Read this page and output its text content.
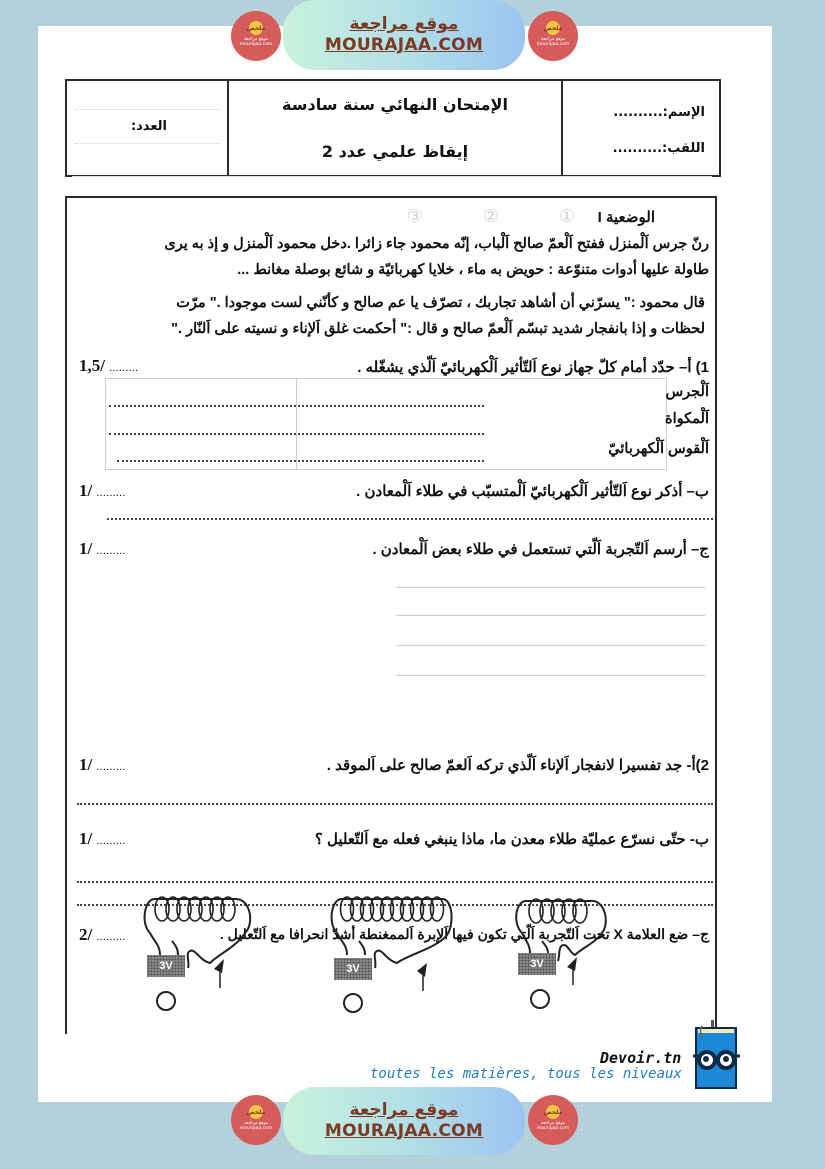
ملخص
موقع مراجعة
mourajaa.com
موقع مراجعة
MOURAJAA.COM
ملخص
موقع مراجعة
mourajaa.com
العدد:
الإمتحان النهائي سنة سادسة
إيقاظ علمي عدد 2
الإسم:..........
اللقب:..........
①            ②            ③ الوضعية I
رنّ جرس اَلْمنزل ففتح اَلْعمّ صالح اَلْباب، إنّه محمود جاء زائرا .دخل محمود اَلْمنزل و إذ به يرى
طاولة عليها أدوات متنوّعة : حويض به ماء ، خلايا كهربائيّة و شائع بوصلة مغانط ...
قال محمود :" يسرّني أن أشاهد تجاربك ، تصرّف يا عم صالح و كأنّني لست موجودا ." مرّت
لحظات و إذا بانفجار شديد تبسّم اَلْعمّ صالح و قال :" أحكمت غلق اَلإناء و نسيته على اَلنّار ."
1) أ– حدّد أمام كلّ جهاز نوع اَلتّأثير اَلْكهربائيّ اَلّذي يشغّله .
1,5/ .........
اَلْجرس
اَلْمكواة
اَلْقوس اَلْكهربائيّ
ب– أذكر نوع اَلتّأثير اَلْكهربائيّ اَلْمتسبّب في طلاء اَلْمعادن .
1/ .........
ج– أرسم اَلتّجربة اَلّتي تستعمل في طلاء بعض اَلْمعادن .
1/ .........
ـــــــــــــــــــــــــــــــــــــــــــــــــــــــــــــــــــــــــــــــــ
ـــــــــــــــــــــــــــــــــــــــــــــــــــــــــــــــــــــــــــــــــ
ـــــــــــــــــــــــــــــــــــــــــــــــــــــــــــــــــــــــــــــــــ
ـــــــــــــــــــــــــــــــــــــــــــــــــــــــــــــــــــــــــــــــــ
2)أ- جد تفسيرا لانفجار اَلإناء اَلّذي تركه اَلعمّ صالح على اَلموقد .
1/ .........
ب- حتّى نسرّع عمليّة طلاء معدن ما، ماذا ينبغي فعله مع اَلتّعليل ؟
1/ .........
ج– ضع العلامة X تحت اَلتّجربة اَلّتي تكون فيها اَلإبرة اَلممغنطة أشدّ انحرافا مع اَلتّعليل .
2/ .........
3V	3V	3V
Devoir.tn
toutes les matières, tous les niveaux
ملخص
موقع مراجعة
mourajaa.com
موقع مراجعة
MOURAJAA.COM
ملخص
موقع مراجعة
mourajaa.com
